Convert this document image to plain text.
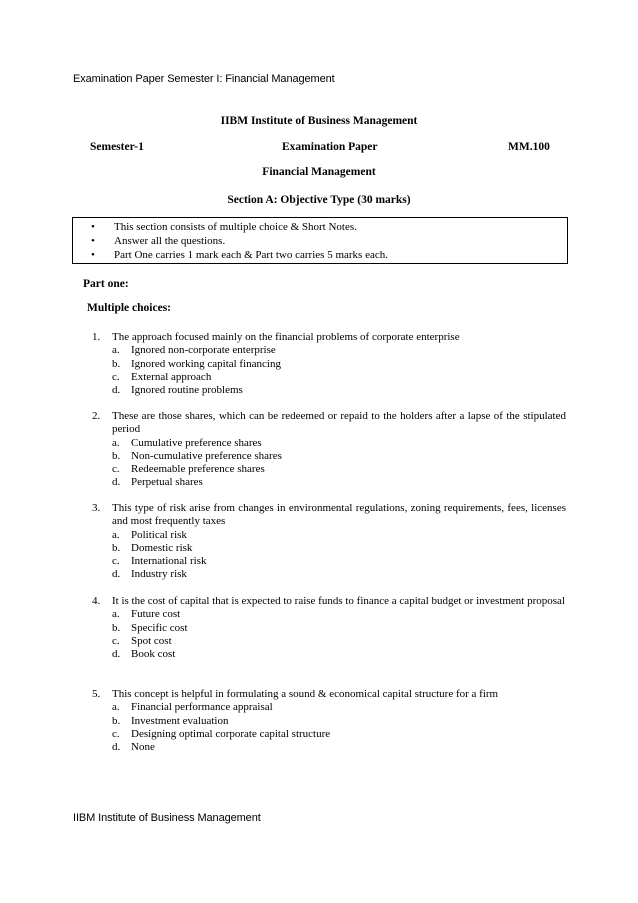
Examination Paper Semester I: Financial Management
IIBM Institute of Business Management
Semester-1	Examination Paper	MM.100
Financial Management
Section A: Objective Type (30 marks)
• This section consists of multiple choice & Short Notes.
• Answer all the questions.
• Part One carries 1 mark each & Part two carries 5 marks each.
Part one:
Multiple choices:
1. The approach focused mainly on the financial problems of corporate enterprise
a. Ignored non-corporate enterprise
b. Ignored working capital financing
c. External approach
d. Ignored routine problems
2. These are those shares, which can be redeemed or repaid to the holders after a lapse of the stipulated period
a. Cumulative preference shares
b. Non-cumulative preference shares
c. Redeemable preference shares
d. Perpetual shares
3. This type of risk arise from changes in environmental regulations, zoning requirements, fees, licenses and most frequently taxes
a. Political risk
b. Domestic risk
c. International risk
d. Industry risk
4. It is the cost of capital that is expected to raise funds to finance a capital budget or investment proposal
a. Future cost
b. Specific cost
c. Spot cost
d. Book cost
5. This concept is helpful in formulating a sound & economical capital structure for a firm
a. Financial performance appraisal
b. Investment evaluation
c. Designing optimal corporate capital structure
d. None
IIBM Institute of Business Management
